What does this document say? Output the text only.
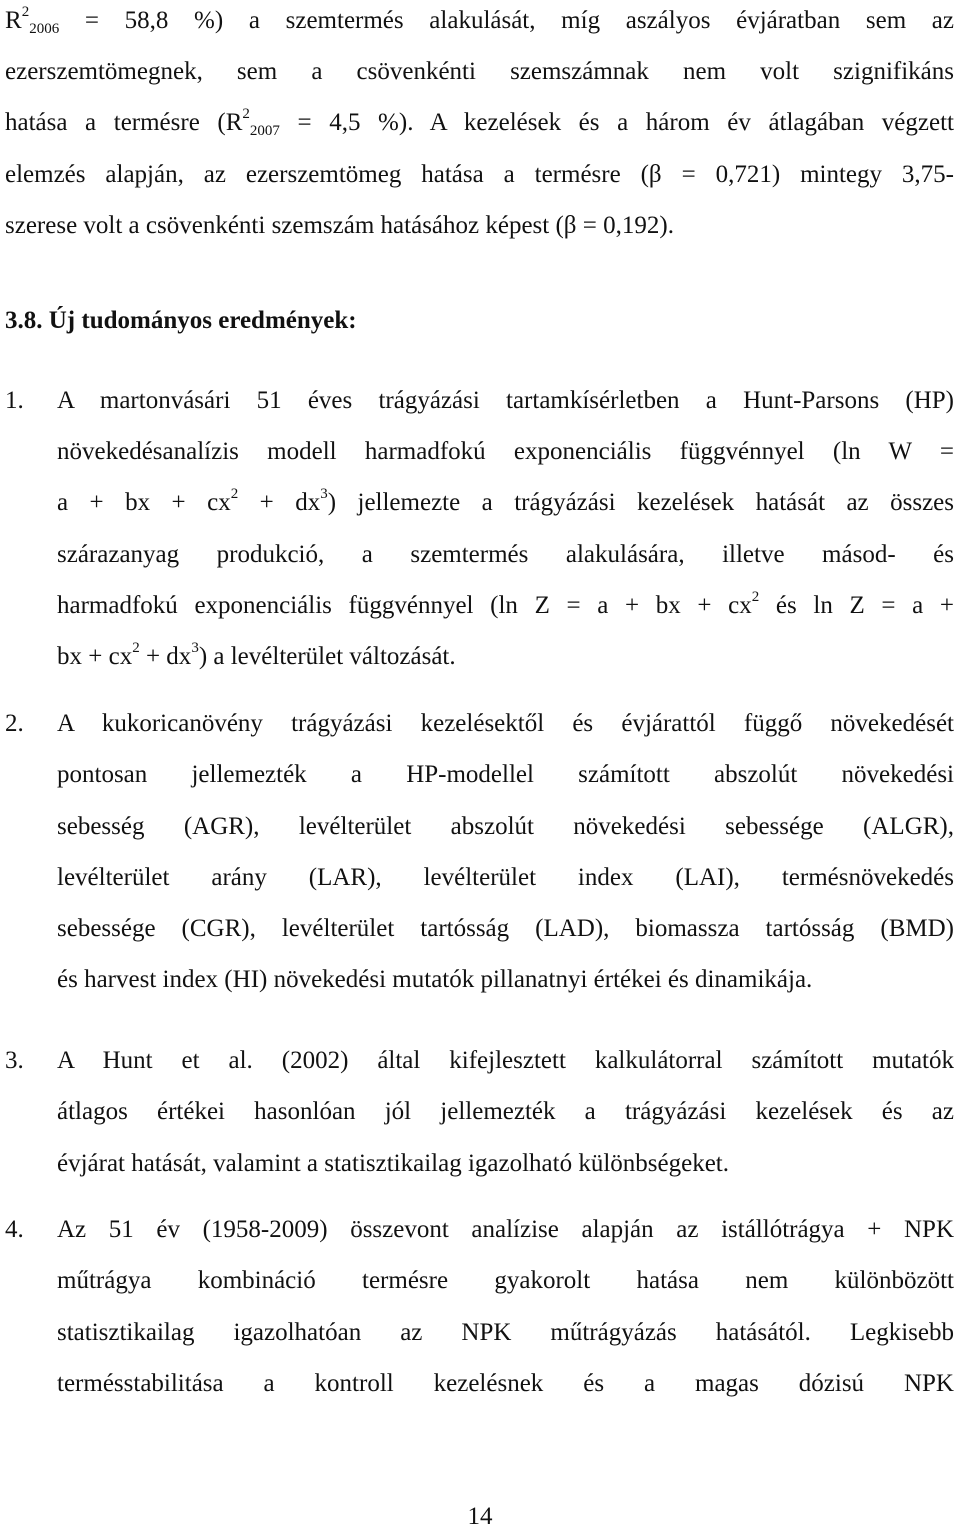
$R^2_{2006} = 58,8$ %) a szemtermés alakulását, míg aszályos évjáratban sem az
ezerszemtömegnek, sem a csövenkénti szemszámnak nem volt szignifikáns
hatása a termésre ($R^2_{2007} = 4,5$ %). A kezelések és a három év átlagában végzett
elemzés alapján, az ezerszemtömeg hatása a termésre (β = 0,721) mintegy 3,75-
szerese volt a csövenkénti szemszám hatásához képest (β = 0,192).
3.8. Új tudományos eredmények:
1. A martonvásári 51 éves trágyázási tartamkísérletben a Hunt-Parsons (HP)
növekedésanalízis modell harmadfokú exponenciális függvénnyel (ln W =
a + bx + $cx^2 + dx^3$) jellemezte a trágyázási kezelések hatását az összes
szárazanyag produkció, a szemtermés alakulására, illetve másod- és
harmadfokú exponenciális függvénnyel (ln Z = a + bx + $cx^2$ és ln Z = a +
bx + $cx^2 + dx^3$) a levélterület változását.
2. A kukoricanövény trágyázási kezelésektől és évjárattól függő növekedését
pontosan jellemezték a HP-modellel számított abszolút növekedési
sebesség (AGR), levélterület abszolút növekedési sebessége (ALGR),
levélterület arány (LAR), levélterület index (LAI), termésnövekedés
sebessége (CGR), levélterület tartósság (LAD), biomassza tartósság (BMD)
és harvest index (HI) növekedési mutatók pillanatnyi értékei és dinamikája.
3. A Hunt et al. (2002) által kifejlesztett kalkulátorral számított mutatók
átlagos értékei hasonlóan jól jellemezték a trágyázási kezelések és az
évjárat hatását, valamint a statisztikailag igazolható különbségeket.
4. Az 51 év (1958-2009) összevont analízise alapján az istállótrágya + NPK
műtrágya kombináció termésre gyakorolt hatása nem különbözött
statisztikailag igazolhatóan az NPK műtrágyázás hatásától. Legkisebb
termésstabilitása a kontroll kezelésnek és a magas dózisú NPK
14
